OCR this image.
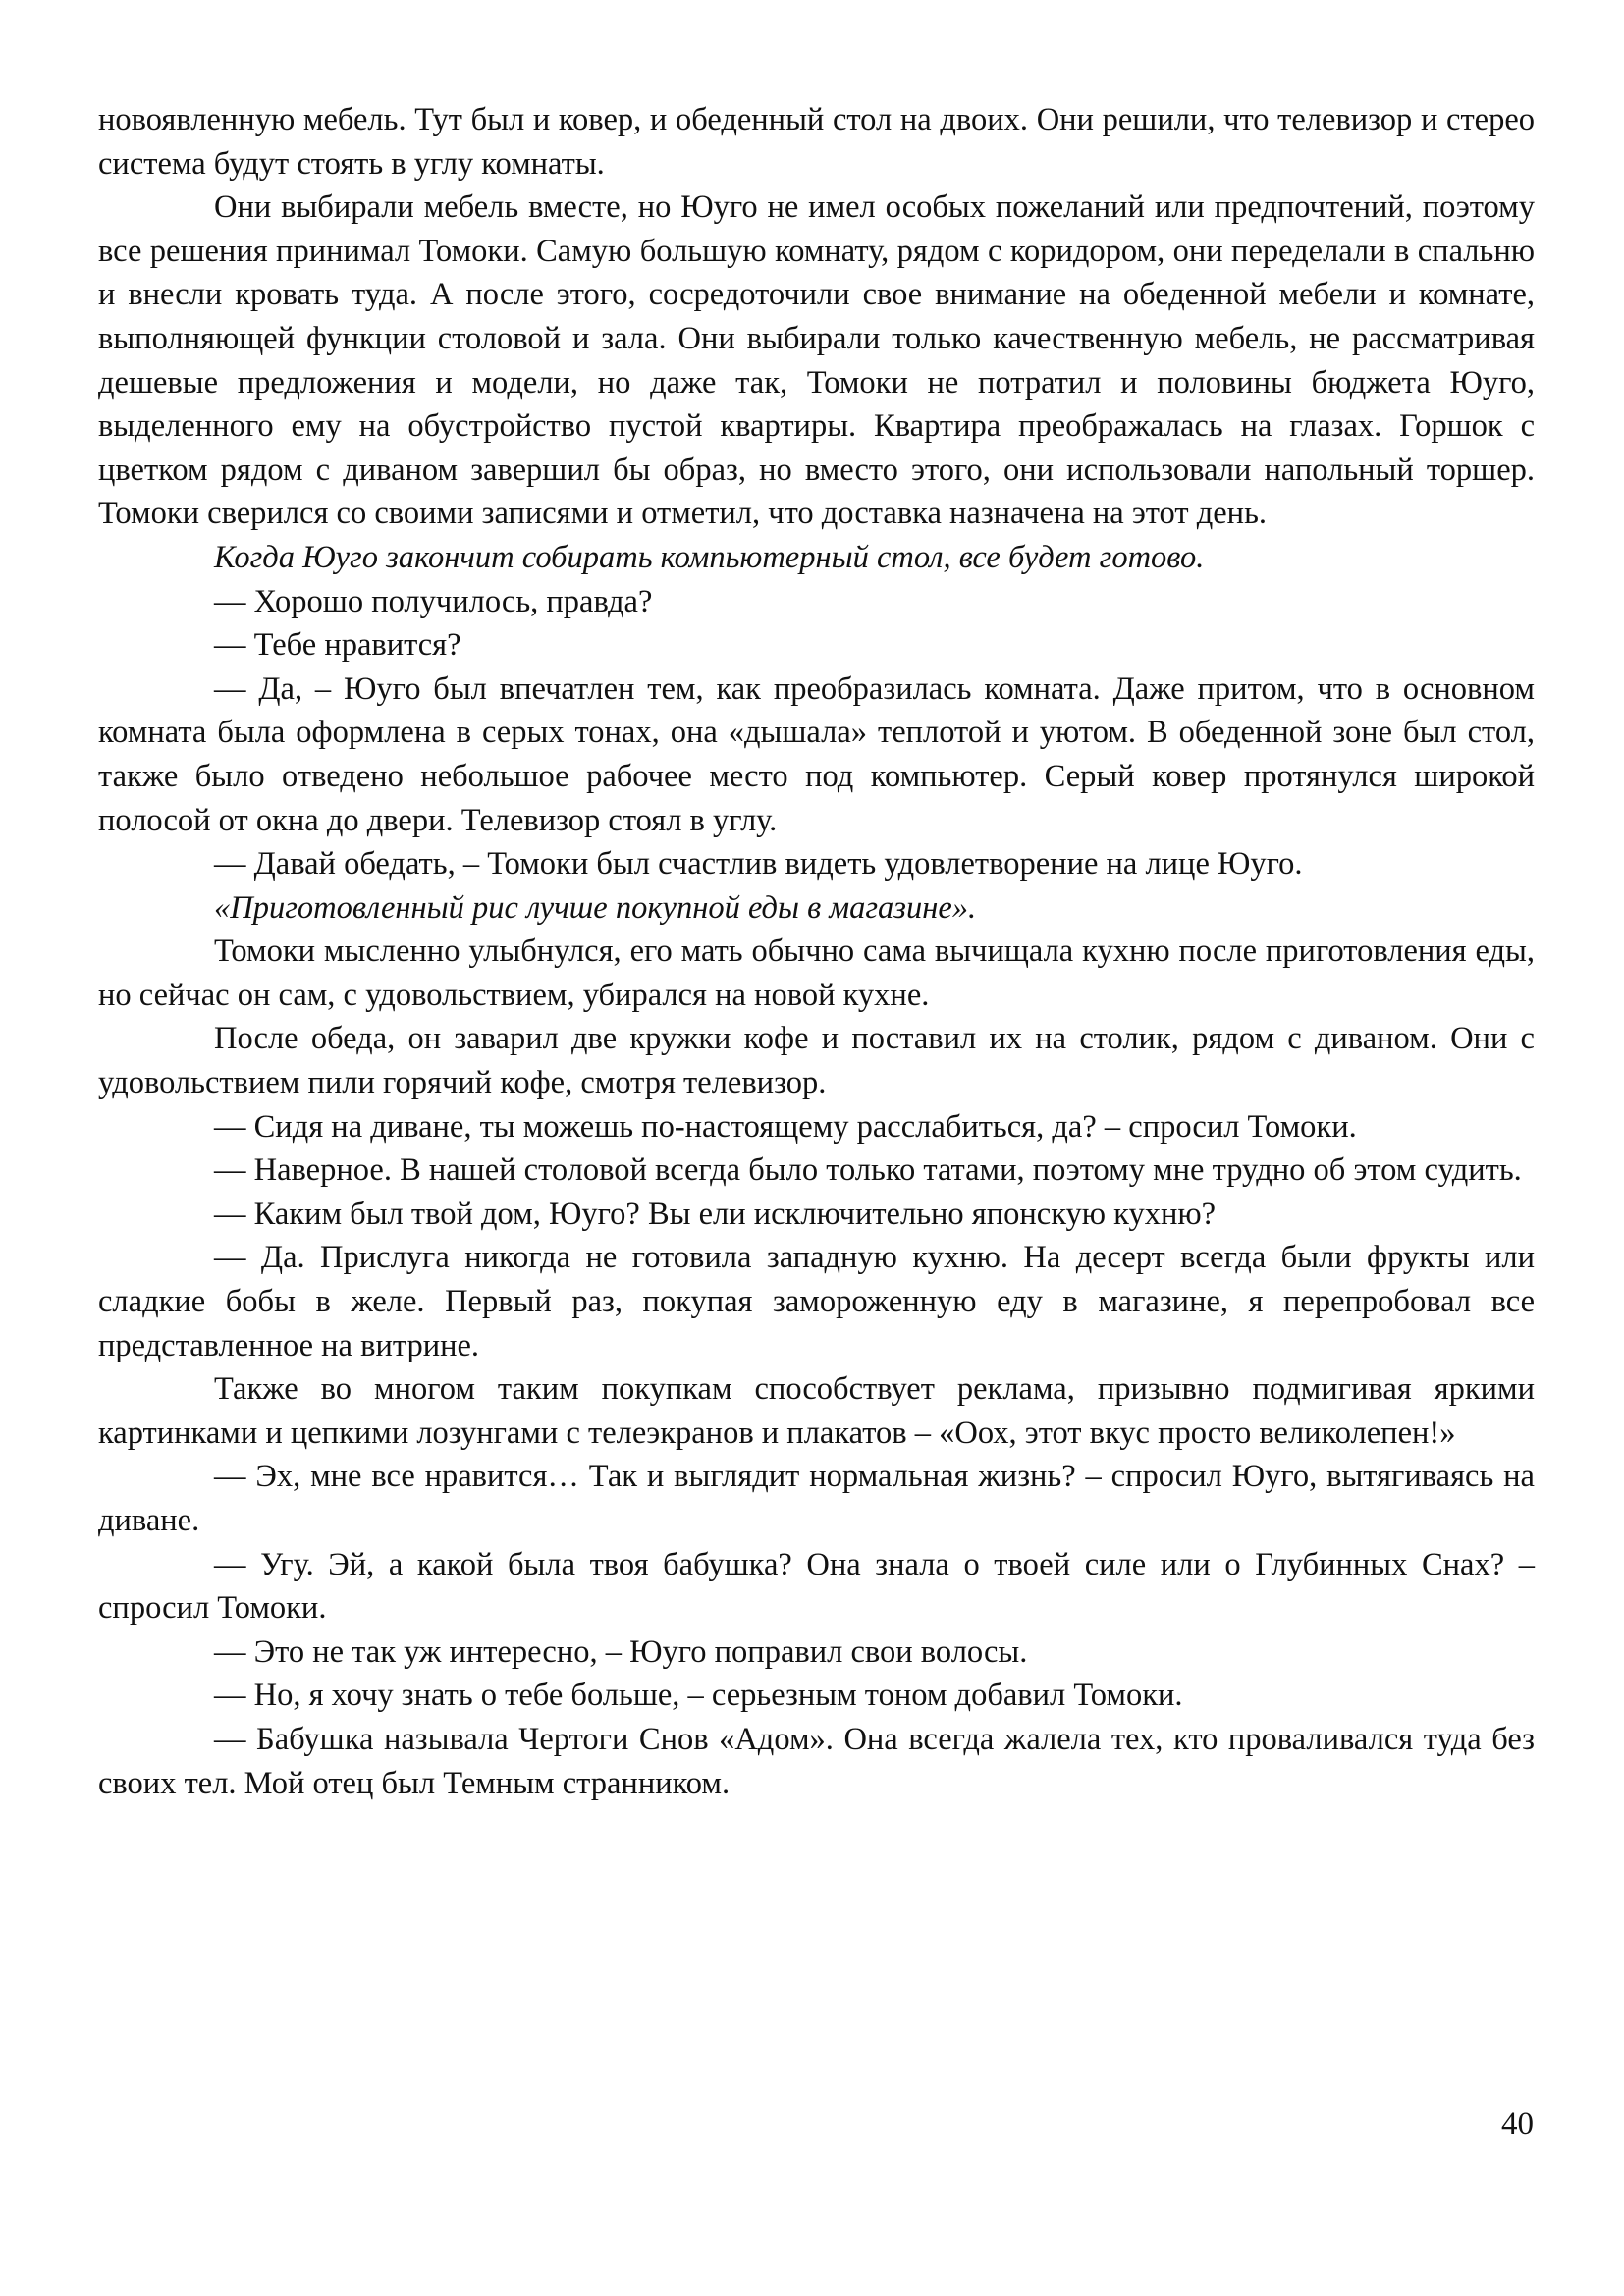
новоявленную мебель. Тут был и ковер, и обеденный стол на двоих. Они решили, что телевизор и стерео система будут стоять в углу комнаты.

Они выбирали мебель вместе, но Юуго не имел особых пожеланий или предпочтений, поэтому все решения принимал Томоки. Самую большую комнату, рядом с коридором, они переделали в спальню и внесли кровать туда. А после этого, сосредоточили свое внимание на обеденной мебели и комнате, выполняющей функции столовой и зала. Они выбирали только качественную мебель, не рассматривая дешевые предложения и модели, но даже так, Томоки не потратил и половины бюджета Юуго, выделенного ему на обустройство пустой квартиры. Квартира преображалась на глазах. Горшок с цветком рядом с диваном завершил бы образ, но вместо этого, они использовали напольный торшер. Томоки сверился со своими записями и отметил, что доставка назначена на этот день.

Когда Юуго закончит собирать компьютерный стол, все будет готово.

— Хорошо получилось, правда?

— Тебе нравится?

— Да, – Юуго был впечатлен тем, как преобразилась комната. Даже притом, что в основном комната была оформлена в серых тонах, она «дышала» теплотой и уютом. В обеденной зоне был стол, также было отведено небольшое рабочее место под компьютер. Серый ковер протянулся широкой полосой от окна до двери. Телевизор стоял в углу.

— Давай обедать, – Томоки был счастлив видеть удовлетворение на лице Юуго.

«Приготовленный рис лучше покупной еды в магазине».

Томоки мысленно улыбнулся, его мать обычно сама вычищала кухню после приготовления еды, но сейчас он сам, с удовольствием, убирался на новой кухне.

После обеда, он заварил две кружки кофе и поставил их на столик, рядом с диваном. Они с удовольствием пили горячий кофе, смотря телевизор.

— Сидя на диване, ты можешь по-настоящему расслабиться, да? – спросил Томоки.

— Наверное. В нашей столовой всегда было только татами, поэтому мне трудно об этом судить.

— Каким был твой дом, Юуго? Вы ели исключительно японскую кухню?

— Да. Прислуга никогда не готовила западную кухню. На десерт всегда были фрукты или сладкие бобы в желе. Первый раз, покупая замороженную еду в магазине, я перепробовал все представленное на витрине.

Также во многом таким покупкам способствует реклама, призывно подмигивая яркими картинками и цепкими лозунгами с телеэкранов и плакатов – «Оох, этот вкус просто великолепен!»

— Эх, мне все нравится… Так и выглядит нормальная жизнь? – спросил Юуго, вытягиваясь на диване.

— Угу. Эй, а какой была твоя бабушка? Она знала о твоей силе или о Глубинных Снах? – спросил Томоки.

— Это не так уж интересно, – Юуго поправил свои волосы.

— Но, я хочу знать о тебе больше, – серьезным тоном добавил Томоки.

— Бабушка называла Чертоги Снов «Адом». Она всегда жалела тех, кто проваливался туда без своих тел. Мой отец был Темным странником.

40
